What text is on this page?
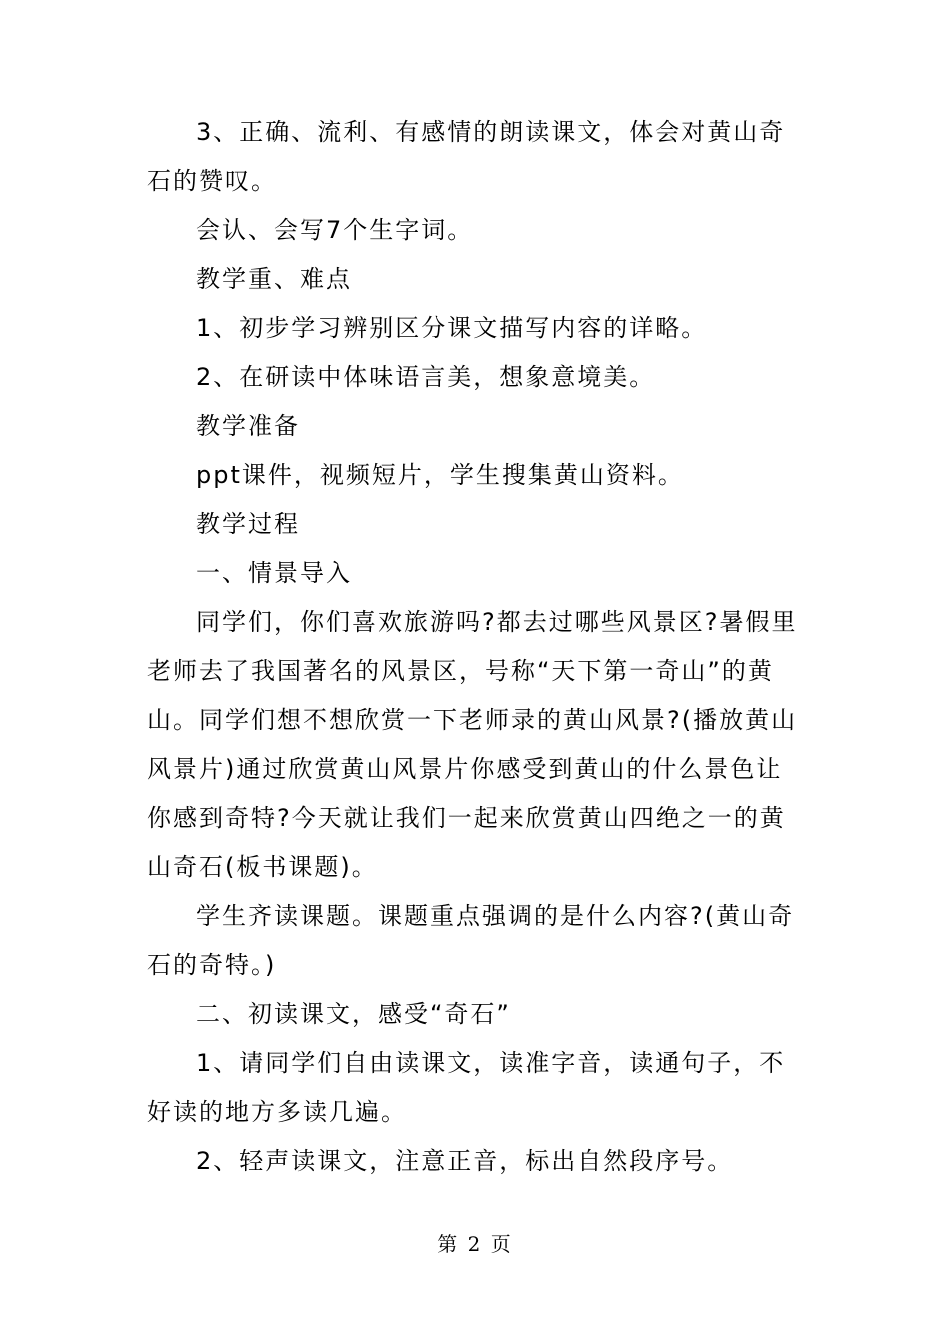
3、正确、流利、有感情的朗读课文，体会对黄山奇石的赞叹。

会认、会写7个生字词。

教学重、难点

1、初步学习辨别区分课文描写内容的详略。

2、在研读中体味语言美，想象意境美。

教学准备

ppt课件，视频短片，学生搜集黄山资料。

教学过程

一、情景导入

同学们，你们喜欢旅游吗?都去过哪些风景区?暑假里老师去了我国著名的风景区，号称“天下第一奇山”的黄山。同学们想不想欣赏一下老师录的黄山风景?(播放黄山风景片)通过欣赏黄山风景片你感受到黄山的什么景色让你感到奇特?今天就让我们一起来欣赏黄山四绝之一的黄山奇石(板书课题)。

学生齐读课题。课题重点强调的是什么内容?(黄山奇石的奇特。)

二、初读课文，感受“奇石”

1、请同学们自由读课文，读准字音，读通句子，不好读的地方多读几遍。

2、轻声读课文，注意正音，标出自然段序号。

第 2 页
